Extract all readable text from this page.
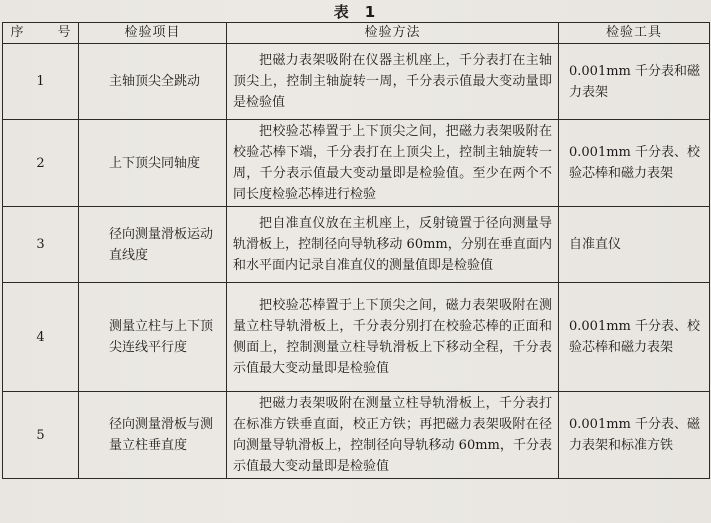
表 1
序 号	检验项目	检验方法	检验工具
1	主轴顶尖全跳动	把磁力表架吸附在仪器主机座上，千分表打在主轴顶尖上，控制主轴旋转一周，千分表示值最大变动量即是检验值	0.001mm 千分表和磁力表架
2	上下顶尖同轴度	把校验芯棒置于上下顶尖之间，把磁力表架吸附在校验芯棒下端，千分表打在上顶尖上，控制主轴旋转一周，千分表示值最大变动量即是检验值。至少在两个不同长度检验芯棒进行检验	0.001mm 千分表、校验芯棒和磁力表架
3	径向测量滑板运动直线度	把自准直仪放在主机座上，反射镜置于径向测量导轨滑板上，控制径向导轨移动 60mm，分别在垂直面内和水平面内记录自准直仪的测量值即是检验值	自准直仪
4	测量立柱与上下顶尖连线平行度	把校验芯棒置于上下顶尖之间，磁力表架吸附在测量立柱导轨滑板上，千分表分别打在校验芯棒的正面和侧面上，控制测量立柱导轨滑板上下移动全程，千分表示值最大变动量即是检验值	0.001mm 千分表、校验芯棒和磁力表架
5	径向测量滑板与测量立柱垂直度	把磁力表架吸附在测量立柱导轨滑板上，千分表打在标准方铁垂直面，校正方铁；再把磁力表架吸附在径向测量导轨滑板上，控制径向导轨移动 60mm，千分表示值最大变动量即是检验值	0.001mm 千分表、磁力表架和标准方铁
